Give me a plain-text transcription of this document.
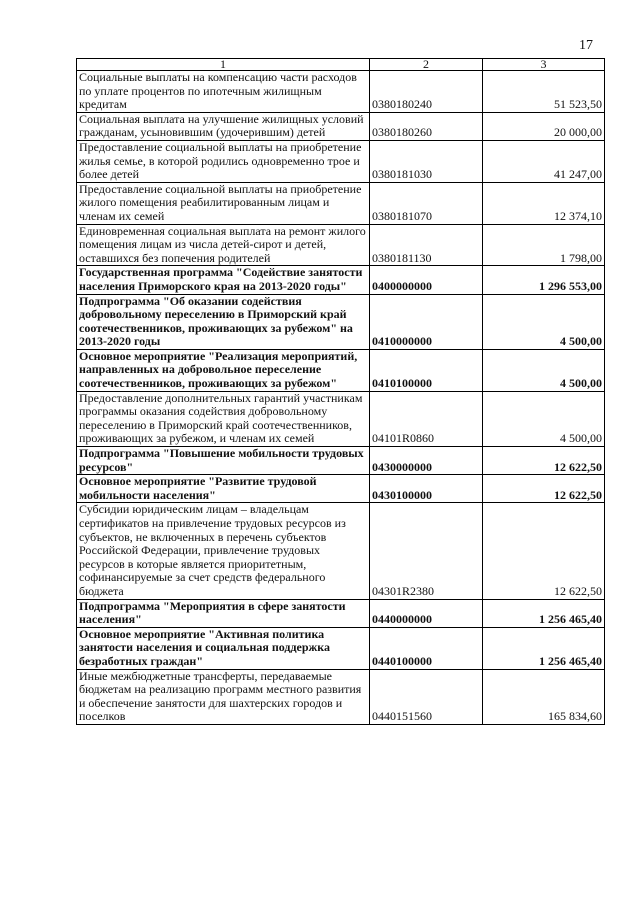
17
1	2	3
Социальные выплаты на компенсацию части расходов по уплате процентов по ипотечным жилищным кредитам	0380180240	51 523,50
Социальная выплата на улучшение жилищных условий гражданам, усыновившим (удочерившим) детей	0380180260	20 000,00
Предоставление социальной выплаты на приобретение жилья семье, в которой родились одновременно трое и более детей	0380181030	41 247,00
Предоставление социальной выплаты на приобретение жилого помещения реабилитированным лицам и членам их семей	0380181070	12 374,10
Единовременная социальная выплата на ремонт жилого помещения лицам из числа детей-сирот и детей, оставшихся без попечения родителей	0380181130	1 798,00
Государственная программа "Содействие занятости населения Приморского края на 2013-2020 годы"	0400000000	1 296 553,00
Подпрограмма "Об оказании содействия добровольному переселению в Приморский край соотечественников, проживающих за рубежом" на 2013-2020 годы	0410000000	4 500,00
Основное мероприятие "Реализация мероприятий, направленных на добровольное переселение соотечественников, проживающих за рубежом"	0410100000	4 500,00
Предоставление дополнительных гарантий участникам программы оказания содействия добровольному переселению в Приморский край соотечественников, проживающих за рубежом, и членам их семей	04101R0860	4 500,00
Подпрограмма "Повышение мобильности трудовых ресурсов"	0430000000	12 622,50
Основное мероприятие "Развитие трудовой мобильности населения"	0430100000	12 622,50
Субсидии юридическим лицам – владельцам сертификатов на привлечение трудовых ресурсов из субъектов, не включенных в перечень субъектов Российской Федерации, привлечение трудовых ресурсов в которые является приоритетным, софинансируемые за счет средств федерального бюджета	04301R2380	12 622,50
Подпрограмма "Мероприятия в сфере занятости населения"	0440000000	1 256 465,40
Основное мероприятие "Активная политика занятости населения и социальная поддержка безработных граждан"	0440100000	1 256 465,40
Иные межбюджетные трансферты, передаваемые бюджетам на реализацию программ местного развития и обеспечение занятости для шахтерских городов и поселков	0440151560	165 834,60
